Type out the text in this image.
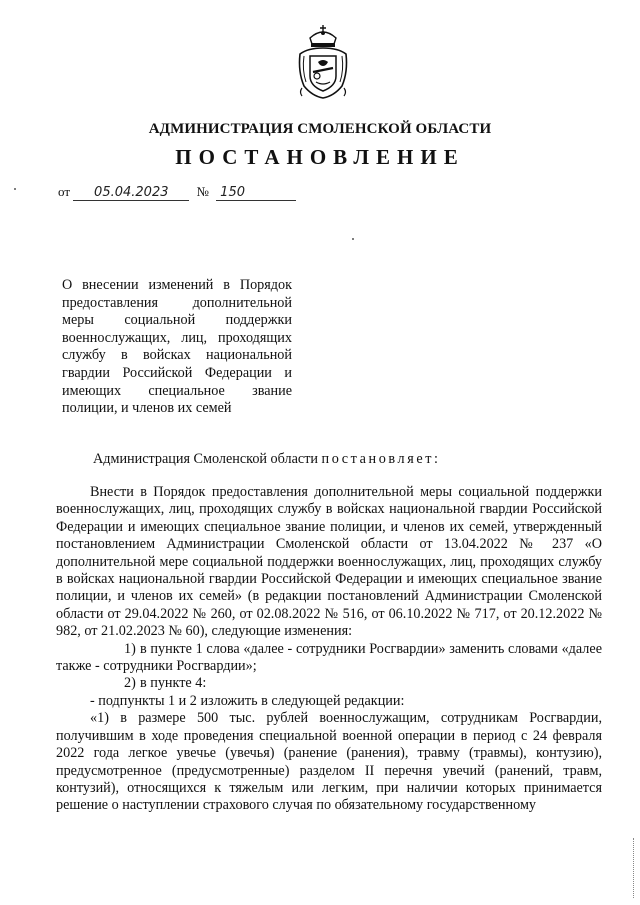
АДМИНИСТРАЦИЯ СМОЛЕНСКОЙ ОБЛАСТИ
ПОСТАНОВЛЕНИЕ
от 05.04.2023 № 150
О внесении изменений в Порядок предоставления дополнительной меры социальной поддержки военнослужащих, лиц, проходящих службу в войсках национальной гвардии Российской Федерации и имеющих специальное звание полиции, и членов их семей
Администрация Смоленской области постановляет:

Внести в Порядок предоставления дополнительной меры социальной поддержки военнослужащих, лиц, проходящих службу в войсках национальной гвардии Российской Федерации и имеющих специальное звание полиции, и членов их семей, утвержденный постановлением Администрации Смоленской области от 13.04.2022 № 237 «О дополнительной мере социальной поддержки военнослужащих, лиц, проходящих службу в войсках национальной гвардии Российской Федерации и имеющих специальное звание полиции, и членов их семей» (в редакции постановлений Администрации Смоленской области от 29.04.2022 № 260, от 02.08.2022 № 516, от 06.10.2022 № 717, от 20.12.2022 № 982, от 21.02.2023 № 60), следующие изменения:

1) в пункте 1 слова «далее - сотрудники Росгвардии» заменить словами «далее также - сотрудники Росгвардии»;

2) в пункте 4:

- подпункты 1 и 2 изложить в следующей редакции:

«1) в размере 500 тыс. рублей военнослужащим, сотрудникам Росгвардии, получившим в ходе проведения специальной военной операции в период с 24 февраля 2022 года легкое увечье (увечья) (ранение (ранения), травму (травмы), контузию), предусмотренное (предусмотренные) разделом II перечня увечий (ранений, травм, контузий), относящихся к тяжелым или легким, при наличии которых принимается решение о наступлении страхового случая по обязательному государственному
